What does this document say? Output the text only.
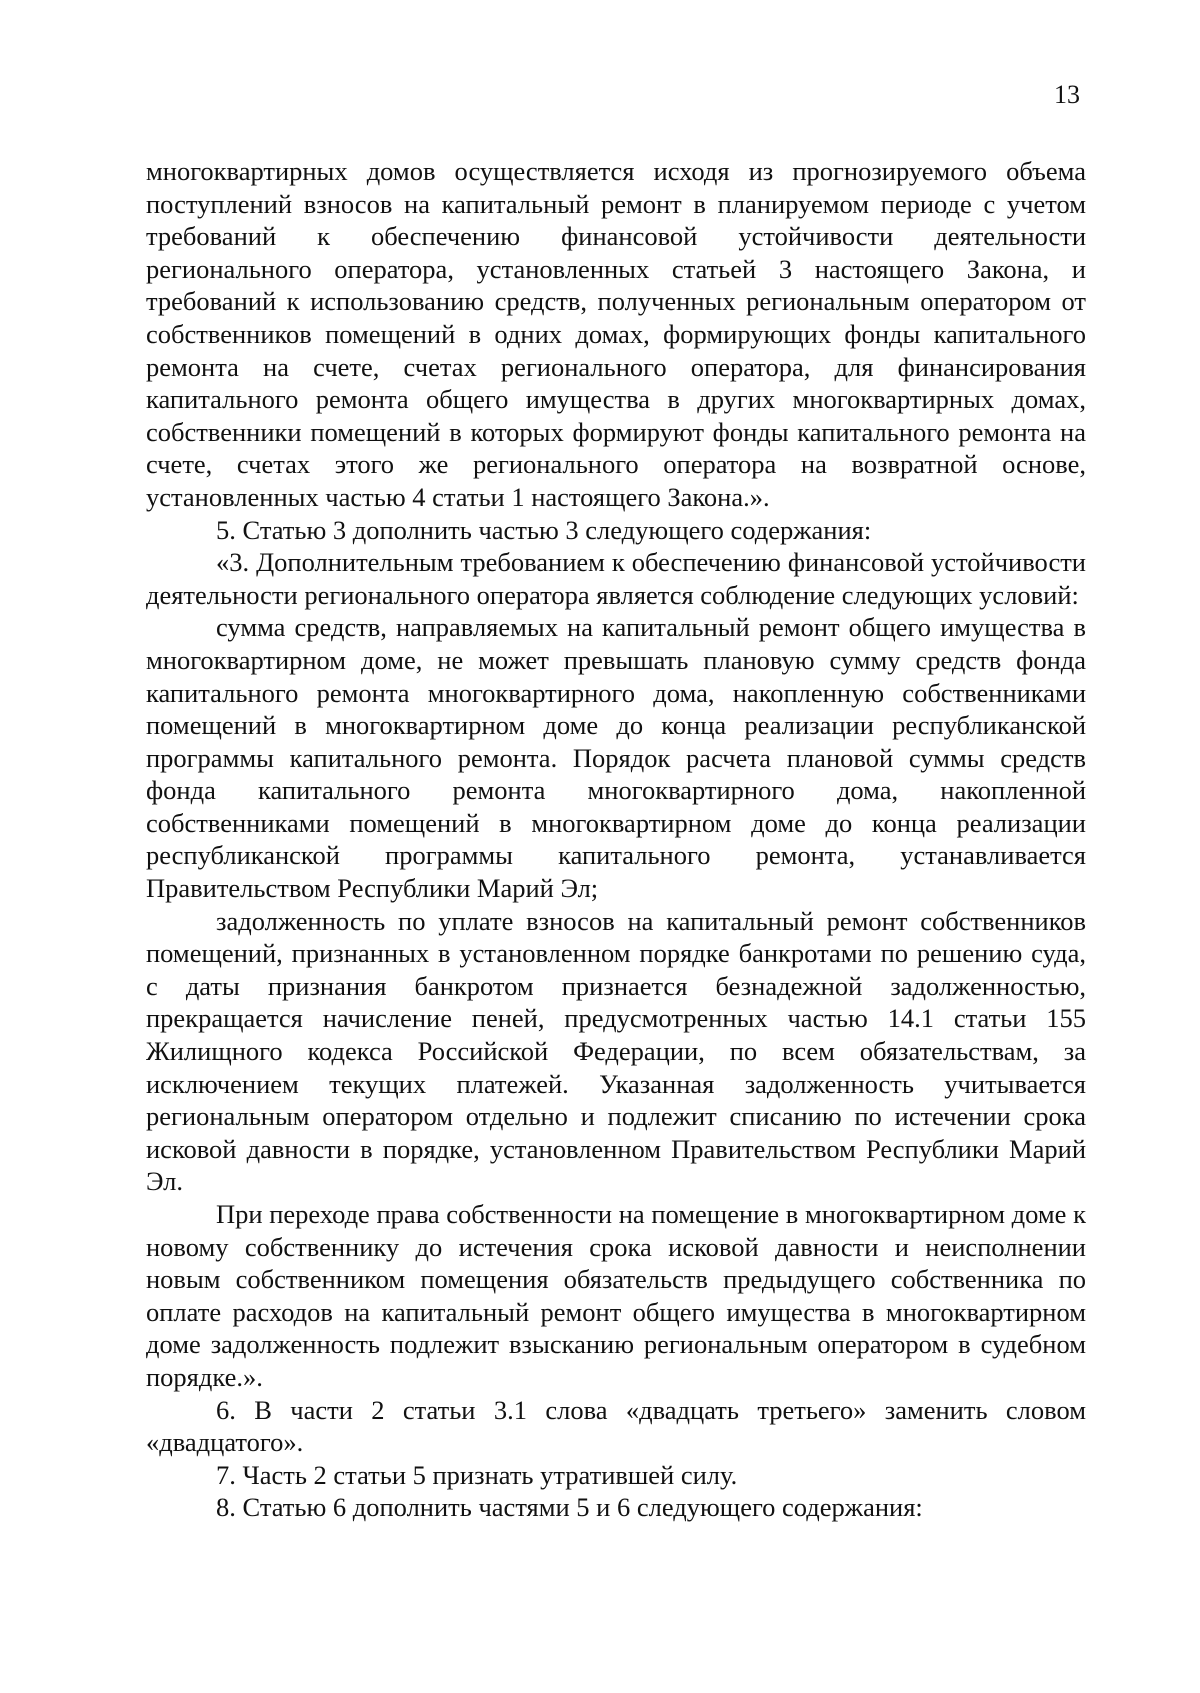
13

многоквартирных домов осуществляется исходя из прогнозируемого объема поступлений взносов на капитальный ремонт в планируемом периоде с учетом требований к обеспечению финансовой устойчивости деятельности регионального оператора, установленных статьей 3 настоящего Закона, и требований к использованию средств, полученных региональным оператором от собственников помещений в одних домах, формирующих фонды капитального ремонта на счете, счетах регионального оператора, для финансирования капитального ремонта общего имущества в других многоквартирных домах, собственники помещений в которых формируют фонды капитального ремонта на счете, счетах этого же регионального оператора на возвратной основе, установленных частью 4 статьи 1 настоящего Закона.».

5. Статью 3 дополнить частью 3 следующего содержания:

«3. Дополнительным требованием к обеспечению финансовой устойчивости деятельности регионального оператора является соблюдение следующих условий:

сумма средств, направляемых на капитальный ремонт общего имущества в многоквартирном доме, не может превышать плановую сумму средств фонда капитального ремонта многоквартирного дома, накопленную собственниками помещений в многоквартирном доме до конца реализации республиканской программы капитального ремонта. Порядок расчета плановой суммы средств фонда капитального ремонта многоквартирного дома, накопленной собственниками помещений в многоквартирном доме до конца реализации республиканской программы капитального ремонта, устанавливается Правительством Республики Марий Эл;

задолженность по уплате взносов на капитальный ремонт собственников помещений, признанных в установленном порядке банкротами по решению суда, с даты признания банкротом признается безнадежной задолженностью, прекращается начисление пеней, предусмотренных частью 14.1 статьи 155 Жилищного кодекса Российской Федерации, по всем обязательствам, за исключением текущих платежей. Указанная задолженность учитывается региональным оператором отдельно и подлежит списанию по истечении срока исковой давности в порядке, установленном Правительством Республики Марий Эл.

При переходе права собственности на помещение в многоквартирном доме к новому собственнику до истечения срока исковой давности и неисполнении новым собственником помещения обязательств предыдущего собственника по оплате расходов на капитальный ремонт общего имущества в многоквартирном доме задолженность подлежит взысканию региональным оператором в судебном порядке.».

6. В части 2 статьи 3.1 слова «двадцать третьего» заменить словом «двадцатого».

7. Часть 2 статьи 5 признать утратившей силу.

8. Статью 6 дополнить частями 5 и 6 следующего содержания:
